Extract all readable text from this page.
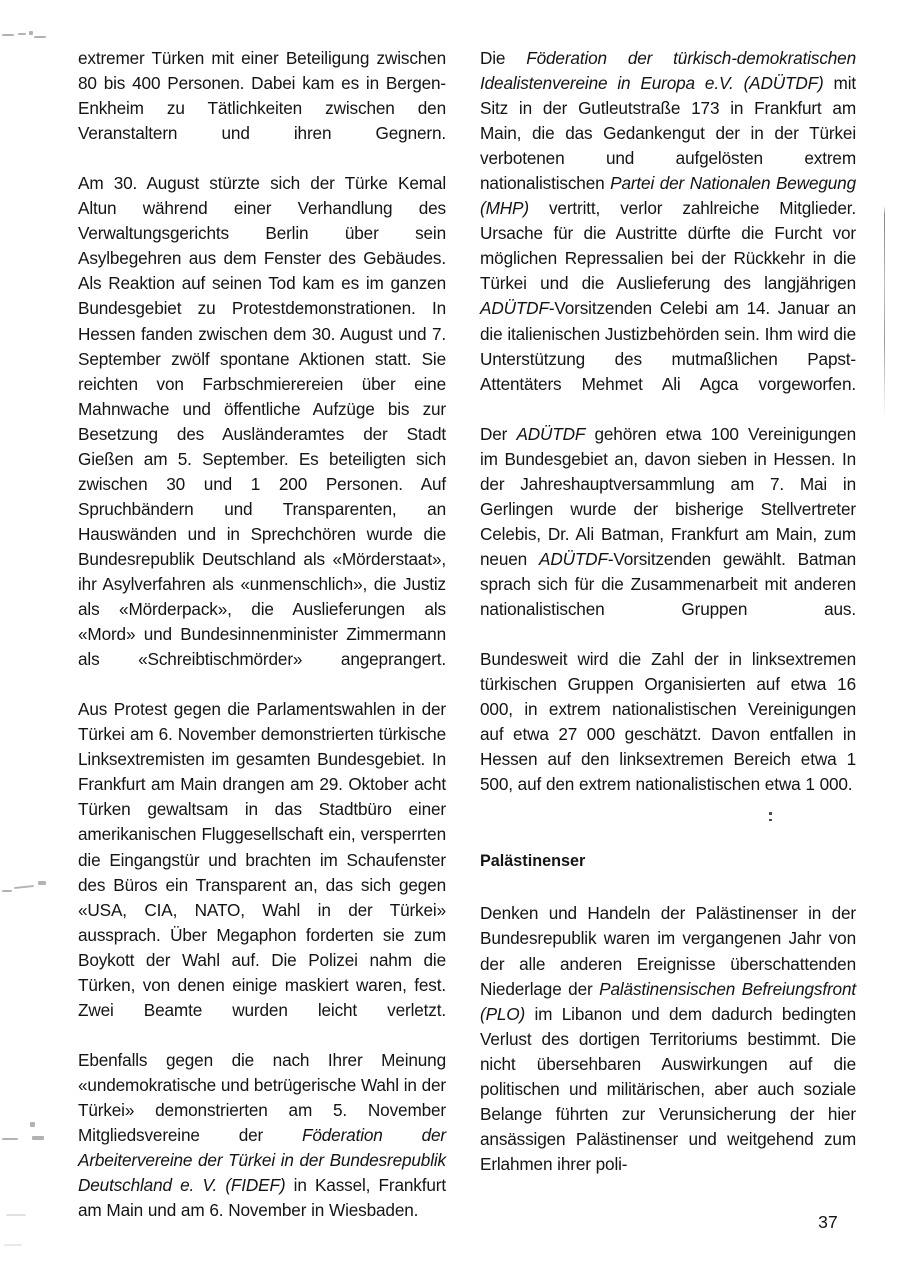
extremer Türken mit einer Beteiligung zwischen 80 bis 400 Personen. Dabei kam es in Bergen-Enkheim zu Tätlichkeiten zwischen den Veranstaltern und ihren Gegnern.

Am 30. August stürzte sich der Türke Kemal Altun während einer Verhandlung des Verwaltungsgerichts Berlin über sein Asylbegehren aus dem Fenster des Gebäudes. Als Reaktion auf seinen Tod kam es im ganzen Bundesgebiet zu Protestdemonstrationen. In Hessen fanden zwischen dem 30. August und 7. September zwölf spontane Aktionen statt. Sie reichten von Farbschmierereien über eine Mahnwache und öffentliche Aufzüge bis zur Besetzung des Ausländeramtes der Stadt Gießen am 5. September. Es beteiligten sich zwischen 30 und 1 200 Personen. Auf Spruchbändern und Transparenten, an Hauswänden und in Sprechchören wurde die Bundesrepublik Deutschland als «Mörderstaat», ihr Asylverfahren als «unmenschlich», die Justiz als «Mörderpack», die Auslieferungen als «Mord» und Bundesinnenminister Zimmermann als «Schreibtischmörder» angeprangert.

Aus Protest gegen die Parlamentswahlen in der Türkei am 6. November demonstrierten türkische Linksextremisten im gesamten Bundesgebiet. In Frankfurt am Main drangen am 29. Oktober acht Türken gewaltsam in das Stadtbüro einer amerikanischen Fluggesellschaft ein, versperrten die Eingangstür und brachten im Schaufenster des Büros ein Transparent an, das sich gegen «USA, CIA, NATO, Wahl in der Türkei» aussprach. Über Megaphon forderten sie zum Boykott der Wahl auf. Die Polizei nahm die Türken, von denen einige maskiert waren, fest. Zwei Beamte wurden leicht verletzt.

Ebenfalls gegen die nach Ihrer Meinung «undemokratische und betrügerische Wahl in der Türkei» demonstrierten am 5. November Mitgliedsvereine der Föderation der Arbeitervereine der Türkei in der Bundesrepublik Deutschland e. V. (FIDEF) in Kassel, Frankfurt am Main und am 6. November in Wiesbaden.

Die Föderation der türkisch-demokratischen Idealistenvereine in Europa e.V. (ADÜTDF) mit Sitz in der Gutleutstraße 173 in Frankfurt am Main, die das Gedankengut der in der Türkei verbotenen und aufgelösten extrem nationalistischen Partei der Nationalen Bewegung (MHP) vertritt, verlor zahlreiche Mitglieder. Ursache für die Austritte dürfte die Furcht vor möglichen Repressalien bei der Rückkehr in die Türkei und die Auslieferung des langjährigen ADÜTDF-Vorsitzenden Celebi am 14. Januar an die italienischen Justizbehörden sein. Ihm wird die Unterstützung des mutmaßlichen Papst-Attentäters Mehmet Ali Agca vorgeworfen.

Der ADÜTDF gehören etwa 100 Vereinigungen im Bundesgebiet an, davon sieben in Hessen. In der Jahreshauptversammlung am 7. Mai in Gerlingen wurde der bisherige Stellvertreter Celebis, Dr. Ali Batman, Frankfurt am Main, zum neuen ADÜTDF-Vorsitzenden gewählt. Batman sprach sich für die Zusammenarbeit mit anderen nationalistischen Gruppen aus.

Bundesweit wird die Zahl der in linksextremen türkischen Gruppen Organisierten auf etwa 16 000, in extrem nationalistischen Vereinigungen auf etwa 27 000 geschätzt. Davon entfallen in Hessen auf den linksextremen Bereich etwa 1 500, auf den extrem nationalistischen etwa 1 000.

Palästinenser

Denken und Handeln der Palästinenser in der Bundesrepublik waren im vergangenen Jahr von der alle anderen Ereignisse überschattenden Niederlage der Palästinensischen Befreiungsfront (PLO) im Libanon und dem dadurch bedingten Verlust des dortigen Territoriums bestimmt. Die nicht übersehbaren Auswirkungen auf die politischen und militärischen, aber auch soziale Belange führten zur Verunsicherung der hier ansässigen Palästinenser und weitgehend zum Erlahmen ihrer poli-

37
